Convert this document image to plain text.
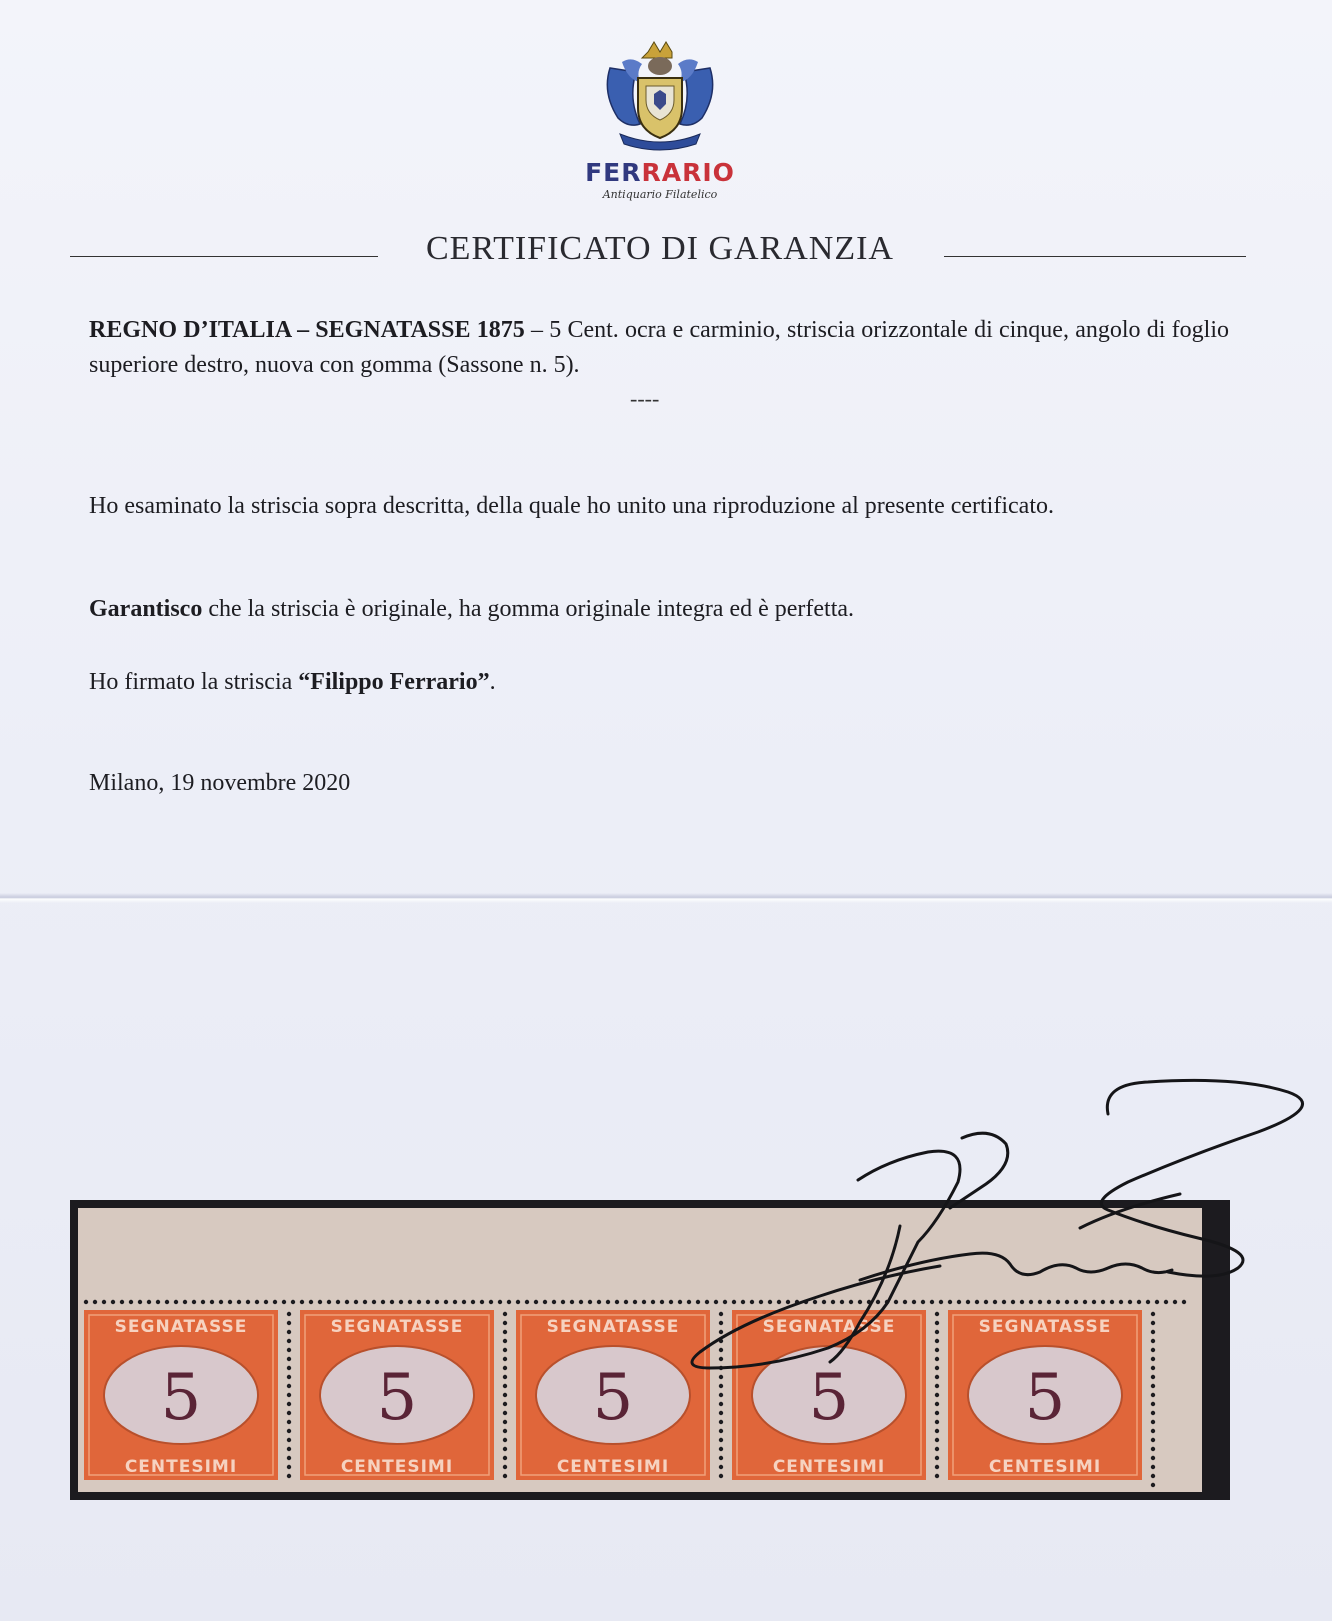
FERRARIO
Antiquario Filatelico
CERTIFICATO DI GARANZIA
REGNO D’ITALIA – SEGNATASSE 1875 – 5 Cent. ocra e carminio, striscia orizzontale di cinque, angolo di foglio superiore destro, nuova con gomma (Sassone n. 5).
----
Ho esaminato la striscia sopra descritta, della quale ho unito una riproduzione al presente certificato.
Garantisco che la striscia è originale, ha gomma originale integra ed è perfetta.
Ho firmato la striscia “Filippo Ferrario”.
Milano, 19 novembre 2020
SEGNATASSE
5
CENTESIMI
SEGNATASSE
5
CENTESIMI
SEGNATASSE
5
CENTESIMI
SEGNATASSE
5
CENTESIMI
SEGNATASSE
5
CENTESIMI
